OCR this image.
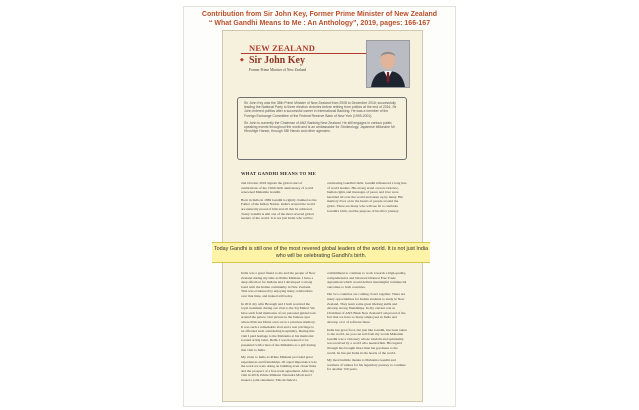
Contribution from Sir John Key, Former Prime Minister of New Zealand
“ What Gandhi Means to Me : An Anthology”, 2019, pages: 166-167
NEW ZEALAND
◆ Sir John Key
Former Prime Minister of New Zealand

Sir John Key was the 38th Prime Minister of New Zealand from 2008 to December 2016; successfully leading the National Party to three election victories before retiring from politics at the end of 2016. Sir John entered politics after a successful career in International Banking. He was a member of the Foreign Exchange Committee of the Federal Reserve Bank of New York (1999-2001).

Sir John is currently the Chairman of ANZ Banking New Zealand. He still engages in various public speaking events throughout the world and is an ambassador for Strokeology. Japanese billionaire Mr Hiroshige Hando, through SBI Hando and other agencies.

WHAT GANDHI MEANS TO ME

2nd October 2018 signals the global start of celebrations of the 150th birth anniversary of world renowned Mahatma Gandhi.

Born in India in 1869 Gandhi is rightly claimed as the Father of the Indian Nation. India's around the world are naturally proud of him and all that he achieved. Today Gandhi is still one of the most revered global leaders of the world. It is not just India who will be

celebrating Gandhi's birth. Gandhi influenced a long line of world leaders. His strong stand on non-violence, human rights and messages of peace and love were heralded all over the world and taken up by many. His memory lives on in the hearts of people around the globe. There are many who will see fit to celebrate Gandhi's birth, and the purpose of his life's journey.

India was a great friend to me and the people of New Zealand during my time as Prime Minister. I have a deep affection for Indians and I developed a strong bond with the Indian community in New Zealand. This was evidenced by enjoying many celebrations over that time, and indeed still today.

In 2011 my wife Bronagh and I both received the royal treatment during our visit to the Taj Mahal. We have such fond memories of our personal guided tour around the palace. Our picture in the famous spot where Princess Diana once sat is a priceless memory. It was such a remarkable visit and a real privilege to be afforded such outstanding hospitality. During this visit I paid homage to the Mahatma at his memorial located at Raj Ghat, Delhi. I was honoured to be presented with a bust of the Mahatma as a gift during that visit to India.

My visits to India as Prime Minister provided great experiences and friendships. Of equal importance was the work we were doing on building even closer links and the prospect of a free trade agreement. After my visit in 2016, Prime Minister Narendra Modi and I issued a joint statement. This included a

commitment to continue to work towards a high-quality, comprehensive and balanced bilateral Free Trade Agreement which would deliver meaningful commercial outcomes to both countries.

Our two countries are coming closer together. There are many opportunities for Indian students to study in New Zealand. They learn some great lifelong skills and develop strong friendships. In my current role as Chairman of ANZ Bank New Zealand I am proud of the fact that we have so many employees in India and develop a lot of software there.

India has great food, but just like Gandhi, has been taken to the world. As you can tell from my words Mahatma Gandhi was a visionary whose wisdom and spirituality was received by a world who needed him. His legend through has brought more than his goodness to the world, he has put India in the hearts of the world.

My most humble thanks to Mahatma Gandhi and warmest of wishes for his legendary journey to continue for another 150 years.

Today Gandhi is still one of the most revered global leaders of the world. It is not just India who will be celebrating Gandhi's birth.
